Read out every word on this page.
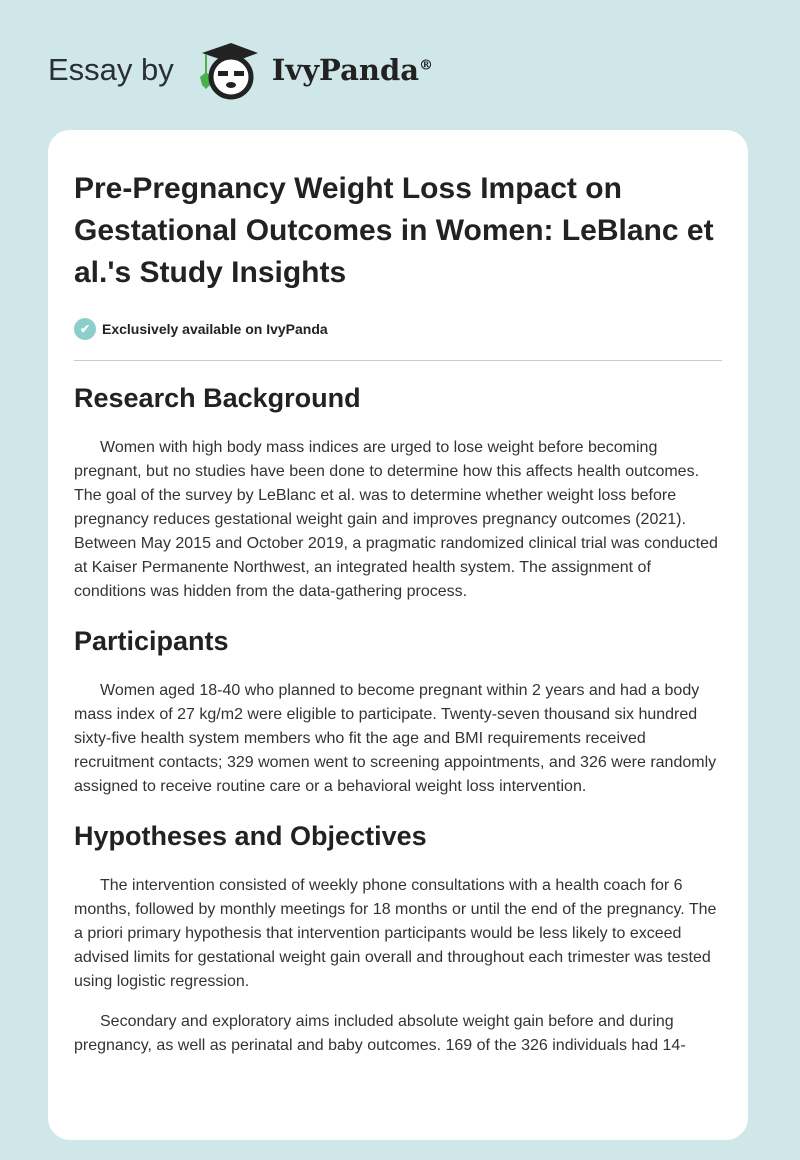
Essay by	IvyPanda®
Pre-Pregnancy Weight Loss Impact on Gestational Outcomes in Women: LeBlanc et al.'s Study Insights
✔ Exclusively available on IvyPanda
Research Background

Women with high body mass indices are urged to lose weight before becoming pregnant, but no studies have been done to determine how this affects health outcomes. The goal of the survey by LeBlanc et al. was to determine whether weight loss before pregnancy reduces gestational weight gain and improves pregnancy outcomes (2021). Between May 2015 and October 2019, a pragmatic randomized clinical trial was conducted at Kaiser Permanente Northwest, an integrated health system. The assignment of conditions was hidden from the data-gathering process.

Participants

Women aged 18-40 who planned to become pregnant within 2 years and had a body mass index of 27 kg/m2 were eligible to participate. Twenty-seven thousand six hundred sixty-five health system members who fit the age and BMI requirements received recruitment contacts; 329 women went to screening appointments, and 326 were randomly assigned to receive routine care or a behavioral weight loss intervention.

Hypotheses and Objectives

The intervention consisted of weekly phone consultations with a health coach for 6 months, followed by monthly meetings for 18 months or until the end of the pregnancy. The a priori primary hypothesis that intervention participants would be less likely to exceed advised limits for gestational weight gain overall and throughout each trimester was tested using logistic regression.

Secondary and exploratory aims included absolute weight gain before and during pregnancy, as well as perinatal and baby outcomes. 169 of the 326 individuals had 14-
